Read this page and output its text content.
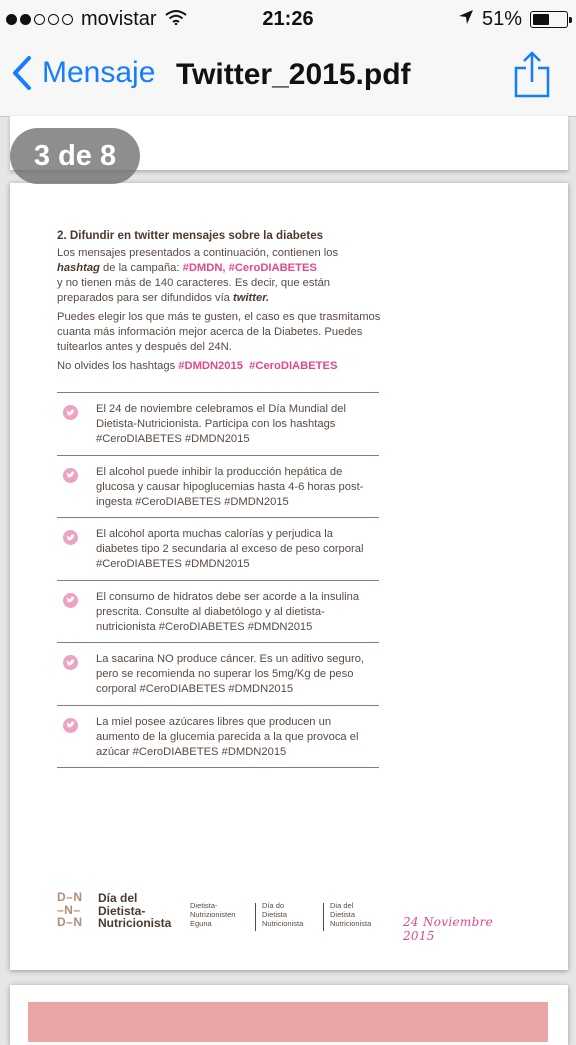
movistar	21:26	51%
Mensaje Twitter_2015.pdf
3 de 8
2. Difundir en twitter mensajes sobre la diabetes

Los mensajes presentados a continuación, contienen los
hashtag de la campaña: #DMDN, #CeroDIABETES
y no tienen más de 140 caracteres. Es decir, que están preparados para ser difundidos vía twitter.

Puedes elegir los que más te gusten, el caso es que trasmitamos cuanta más información mejor acerca de la Diabetes. Puedes tuitearlos antes y después del 24N.

No olvides los hashtags #DMDN2015 #CeroDIABETES

El 24 de noviembre celebramos el Día Mundial del Dietista-Nutricionista. Participa con los hashtags #CeroDIABETES #DMDN2015
El alcohol puede inhibir la producción hepática de glucosa y causar hipoglucemias hasta 4-6 horas post-ingesta #CeroDIABETES #DMDN2015
El alcohol aporta muchas calorías y perjudica la diabetes tipo 2 secundaria al exceso de peso corporal #CeroDIABETES #DMDN2015
El consumo de hidratos debe ser acorde a la insulina prescrita. Consulte al diabetólogo y al dietista-nutricionista #CeroDIABETES #DMDN2015
La sacarina NO produce cáncer. Es un aditivo seguro, pero se recomienda no superar los 5mg/Kg de peso corporal #CeroDIABETES #DMDN2015
La miel posee azúcares libres que producen un aumento de la glucemia parecida a la que provoca el azúcar #CeroDIABETES #DMDN2015
D–N
–N–
D–N
Día del
Dietista-
Nutricionista
Dietista-
Nutrizionisten
Eguna
Día do
Dietista
Nutricionista
Dia del
Dietista
Nutricionista	24 Noviembre 2015
